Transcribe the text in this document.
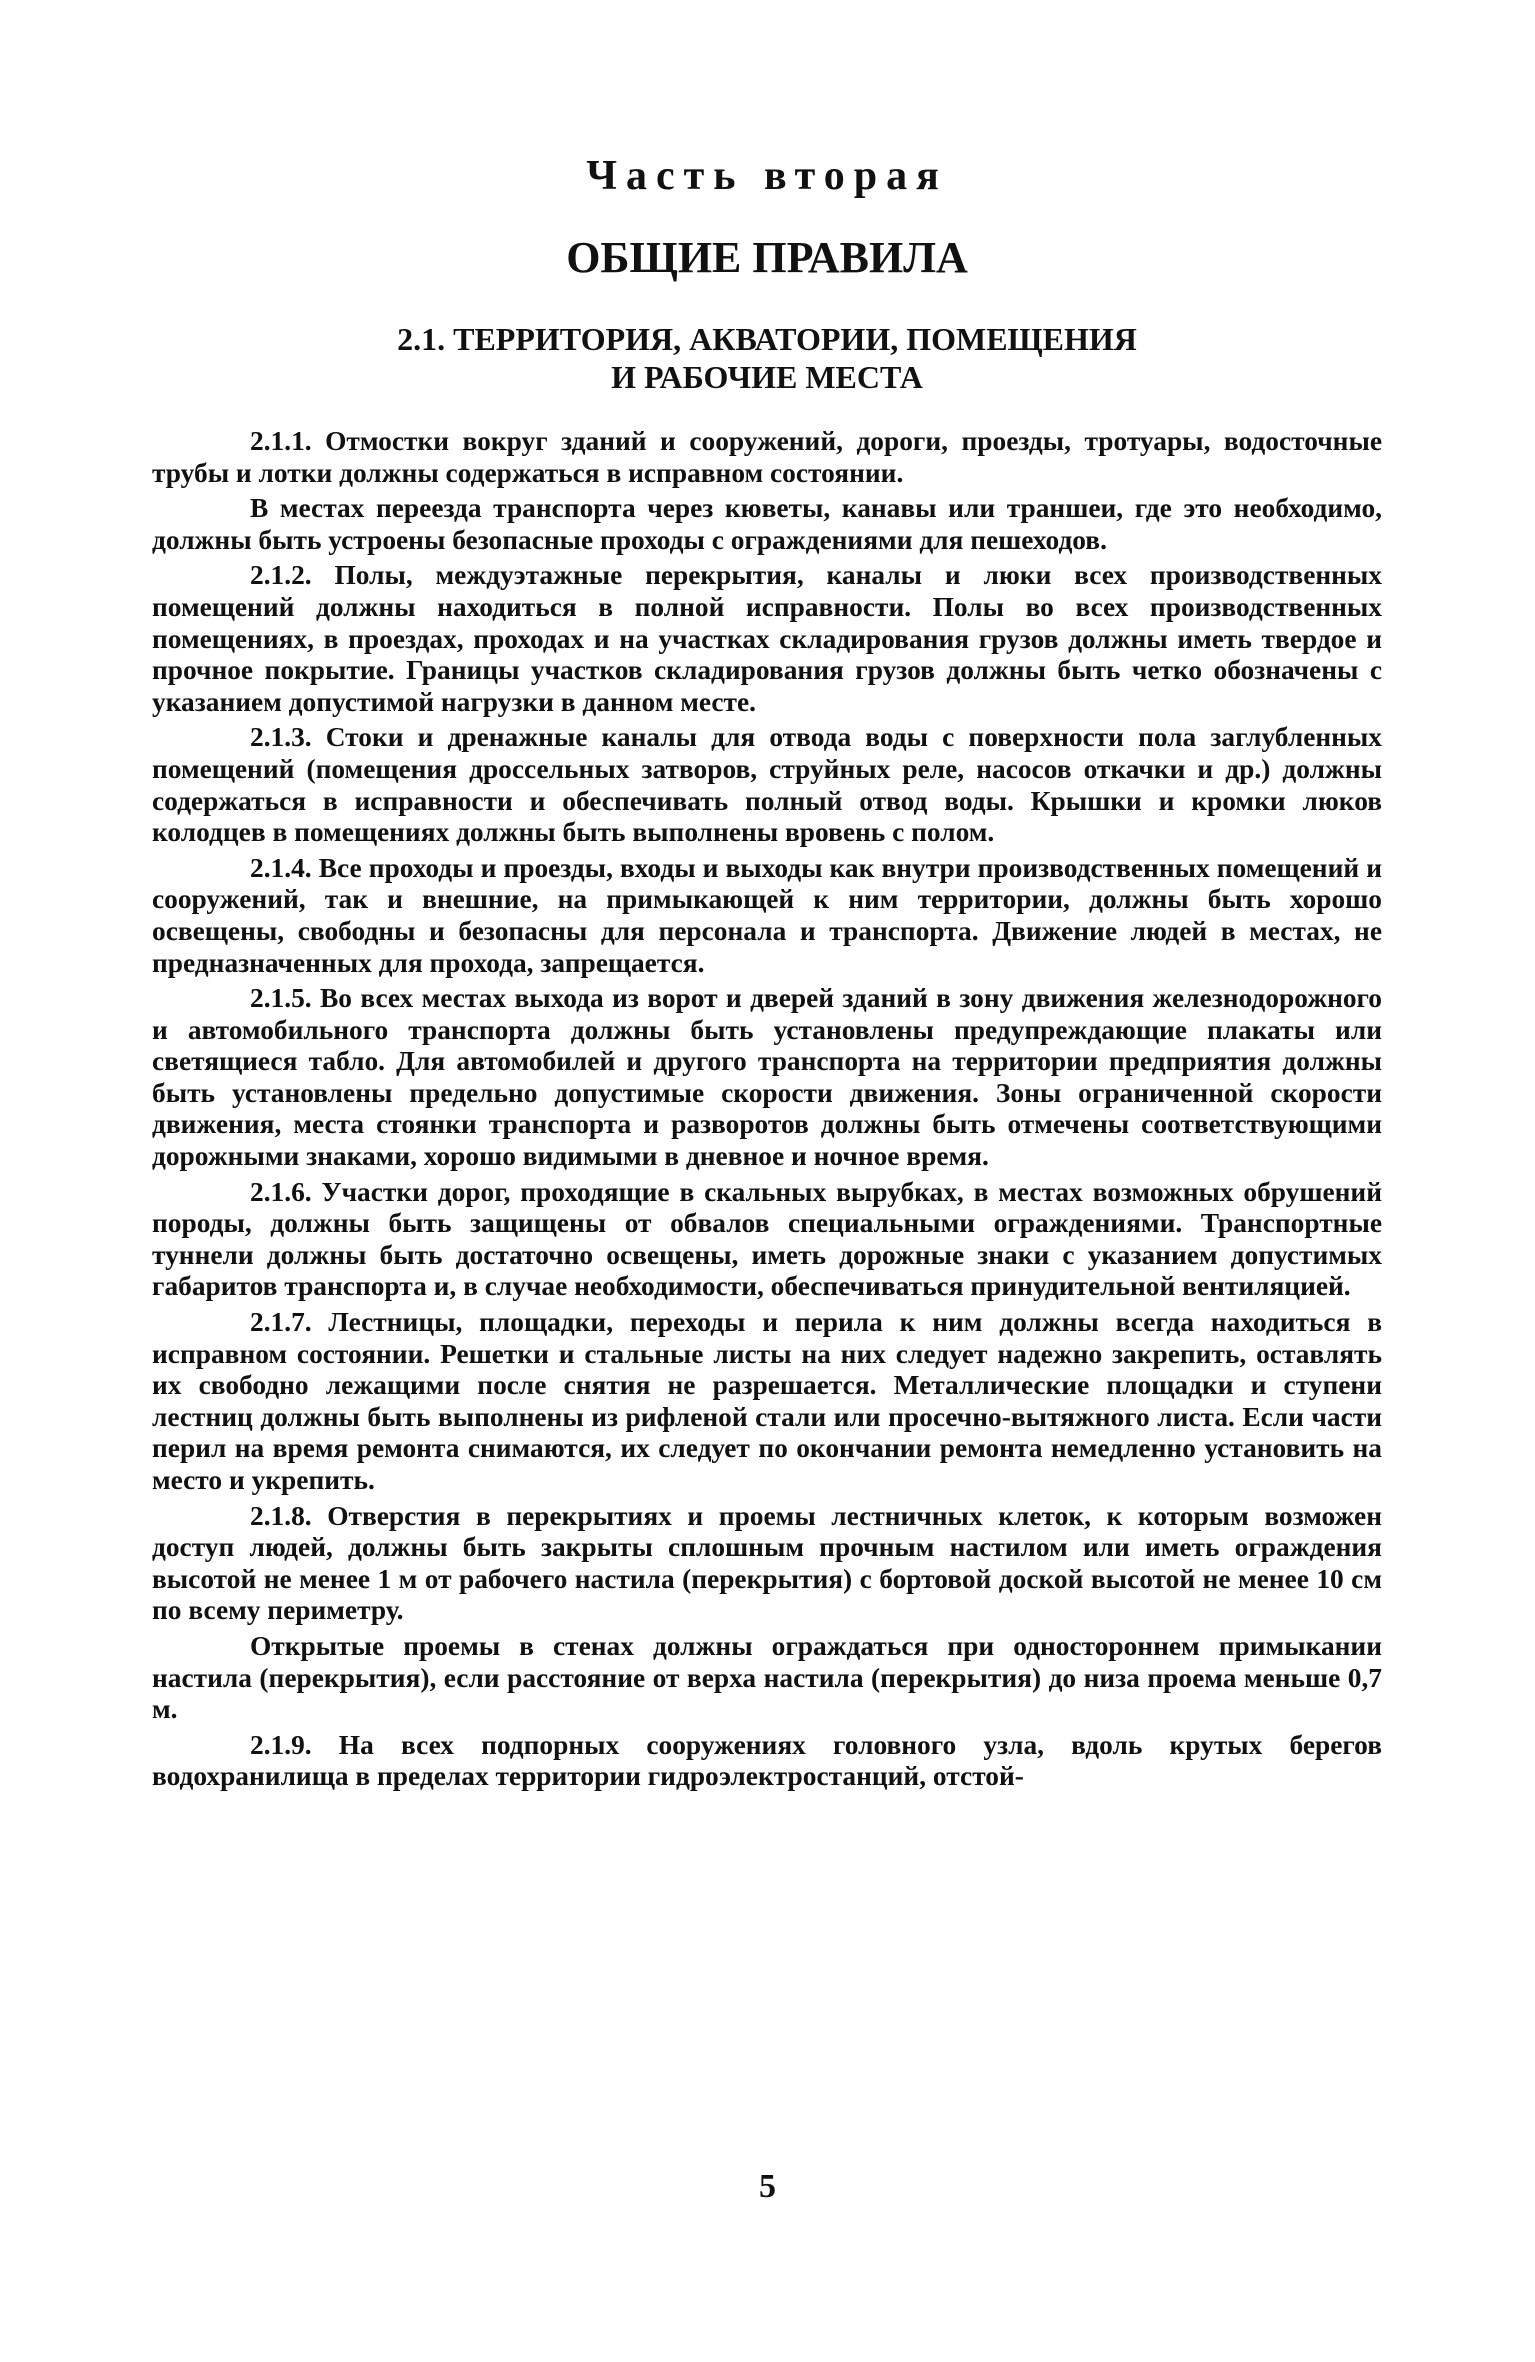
Часть вторая
ОБЩИЕ ПРАВИЛА
2.1. ТЕРРИТОРИЯ, АКВАТОРИИ, ПОМЕЩЕНИЯ
И РАБОЧИЕ МЕСТА

2.1.1. Отмостки вокруг зданий и сооружений, дороги, проезды, тротуары, водосточные трубы и лотки должны содержаться в исправном состоянии.

В местах переезда транспорта через кюветы, канавы или траншеи, где это необходимо, должны быть устроены безопасные проходы с ограждениями для пешеходов.

2.1.2. Полы, междуэтажные перекрытия, каналы и люки всех производственных помещений должны находиться в полной исправности. Полы во всех производственных помещениях, в проездах, проходах и на участках складирования грузов должны иметь твердое и прочное покрытие. Границы участков складирования грузов должны быть четко обозначены с указанием допустимой нагрузки в данном месте.

2.1.3. Стоки и дренажные каналы для отвода воды с поверхности пола заглубленных помещений (помещения дроссельных затворов, струйных реле, насосов откачки и др.) должны содержаться в исправности и обеспечивать полный отвод воды. Крышки и кромки люков колодцев в помещениях должны быть выполнены вровень с полом.

2.1.4. Все проходы и проезды, входы и выходы как внутри производственных помещений и сооружений, так и внешние, на примыкающей к ним территории, должны быть хорошо освещены, свободны и безопасны для персонала и транспорта. Движение людей в местах, не предназначенных для прохода, запрещается.

2.1.5. Во всех местах выхода из ворот и дверей зданий в зону движения железнодорожного и автомобильного транспорта должны быть установлены предупреждающие плакаты или светящиеся табло. Для автомобилей и другого транспорта на территории предприятия должны быть установлены предельно допустимые скорости движения. Зоны ограниченной скорости движения, места стоянки транспорта и разворотов должны быть отмечены соответствующими дорожными знаками, хорошо видимыми в дневное и ночное время.

2.1.6. Участки дорог, проходящие в скальных вырубках, в местах возможных обрушений породы, должны быть защищены от обвалов специальными ограждениями. Транспортные туннели должны быть достаточно освещены, иметь дорожные знаки с указанием допустимых габаритов транспорта и, в случае необходимости, обеспечиваться принудительной вентиляцией.

2.1.7. Лестницы, площадки, переходы и перила к ним должны всегда находиться в исправном состоянии. Решетки и стальные листы на них следует надежно закрепить, оставлять их свободно лежащими после снятия не разрешается. Металлические площадки и ступени лестниц должны быть выполнены из рифленой стали или просечно-вытяжного листа. Если части перил на время ремонта снимаются, их следует по окончании ремонта немедленно установить на место и укрепить.

2.1.8. Отверстия в перекрытиях и проемы лестничных клеток, к которым возможен доступ людей, должны быть закрыты сплошным прочным настилом или иметь ограждения высотой не менее 1 м от рабочего настила (перекрытия) с бортовой доской высотой не менее 10 см по всему периметру.

Открытые проемы в стенах должны ограждаться при одностороннем примыкании настила (перекрытия), если расстояние от верха настила (перекрытия) до низа проема меньше 0,7 м.

2.1.9. На всех подпорных сооружениях головного узла, вдоль крутых берегов водохранилища в пределах территории гидроэлектростанций, отстой-

5
